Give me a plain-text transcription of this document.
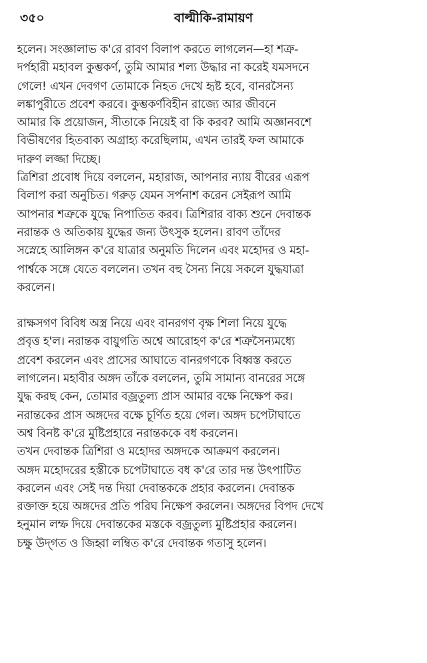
৩৫০	বাল্মীকি-রামায়ণ
হলেন। সংজ্ঞালাভ ক'রে রাবণ বিলাপ করতে লাগলেন—হা শত্রু-
দর্পহারী মহাবল কুম্ভকর্ণ, তুমি আমার শল্য উদ্ধার না করেই যমসদনে
গেলে! এখন দেবগণ তোমাকে নিহত দেখে হৃষ্ট হবে, বানরসৈন্য
লঙ্কাপুরীতে প্রবেশ করবে। কুম্ভকর্ণবিহীন রাজ্যে আর জীবনে
আমার কি প্রয়োজন, সীতাকে নিয়েই বা কি করব? আমি অজ্ঞানবশে
বিভীষণের হিতবাক্য অগ্রাহ্য করেছিলাম, এখন তারই ফল আমাকে
দারুণ লজ্জা দিচ্ছে।
ত্রিশিরা প্রবোধ দিয়ে বললেন, মহারাজ, আপনার ন্যায় বীরের এরূপ
বিলাপ করা অনুচিত। গরুড় যেমন সর্পনাশ করেন সেইরূপ আমি
আপনার শত্রুকে যুদ্ধে নিপাতিত করব। ত্রিশিরার বাক্য শুনে দেবান্তক
নরান্তক ও অতিকায় যুদ্ধের জন্য উৎসুক হলেন। রাবণ তাঁদের
সস্নেহে আলিঙ্গন ক'রে যাত্রার অনুমতি দিলেন এবং মহোদর ও মহা-
পার্শ্বকে সঙ্গে যেতে বললেন। তখন বহু সৈন্য নিয়ে সকলে যুদ্ধযাত্রা
করলেন।
রাক্ষসগণ বিবিধ অস্ত্র নিয়ে এবং বানরগণ বৃক্ষ শিলা নিয়ে যুদ্ধে
প্রবৃত্ত হ'ল। নরান্তক বায়ুগতি অশ্বে আরোহণ ক'রে শত্রুসৈন্যমধ্যে
প্রবেশ করলেন এবং প্রাসের আঘাতে বানরগণকে বিধ্বস্ত করতে
লাগলেন। মহাবীর অঙ্গদ তাঁকে বললেন, তুমি সামান্য বানরের সঙ্গে
যুদ্ধ করছ কেন, তোমার বজ্রতুল্য প্রাস আমার বক্ষে নিক্ষেপ কর।
নরান্তকের প্রাস অঙ্গদের বক্ষে চূর্ণিত হয়ে গেল। অঙ্গদ চপেটাঘাতে
অশ্ব বিনষ্ট ক'রে মুষ্টিপ্রহারে নরান্তককে বধ করলেন।
তখন দেবান্তক ত্রিশিরা ও মহোদর অঙ্গদকে আক্রমণ করলেন।
অঙ্গদ মহোদরের হস্তীকে চপেটাঘাতে বধ ক'রে তার দন্ত উৎপাটিত
করলেন এবং সেই দন্ত দিয়া দেবান্তককে প্রহার করলেন। দেবান্তক
রক্তাক্ত হয়ে অঙ্গদের প্রতি পরিঘ নিক্ষেপ করলেন। অঙ্গদের বিপদ দেখে
হনুমান লম্ফ দিয়ে দেবান্তকের মস্তকে বজ্রতুল্য মুষ্টিপ্রহার করলেন।
চক্ষু উদ্‌গত ও জিহ্বা লম্বিত ক'রে দেবান্তক গতাসু হলেন।
